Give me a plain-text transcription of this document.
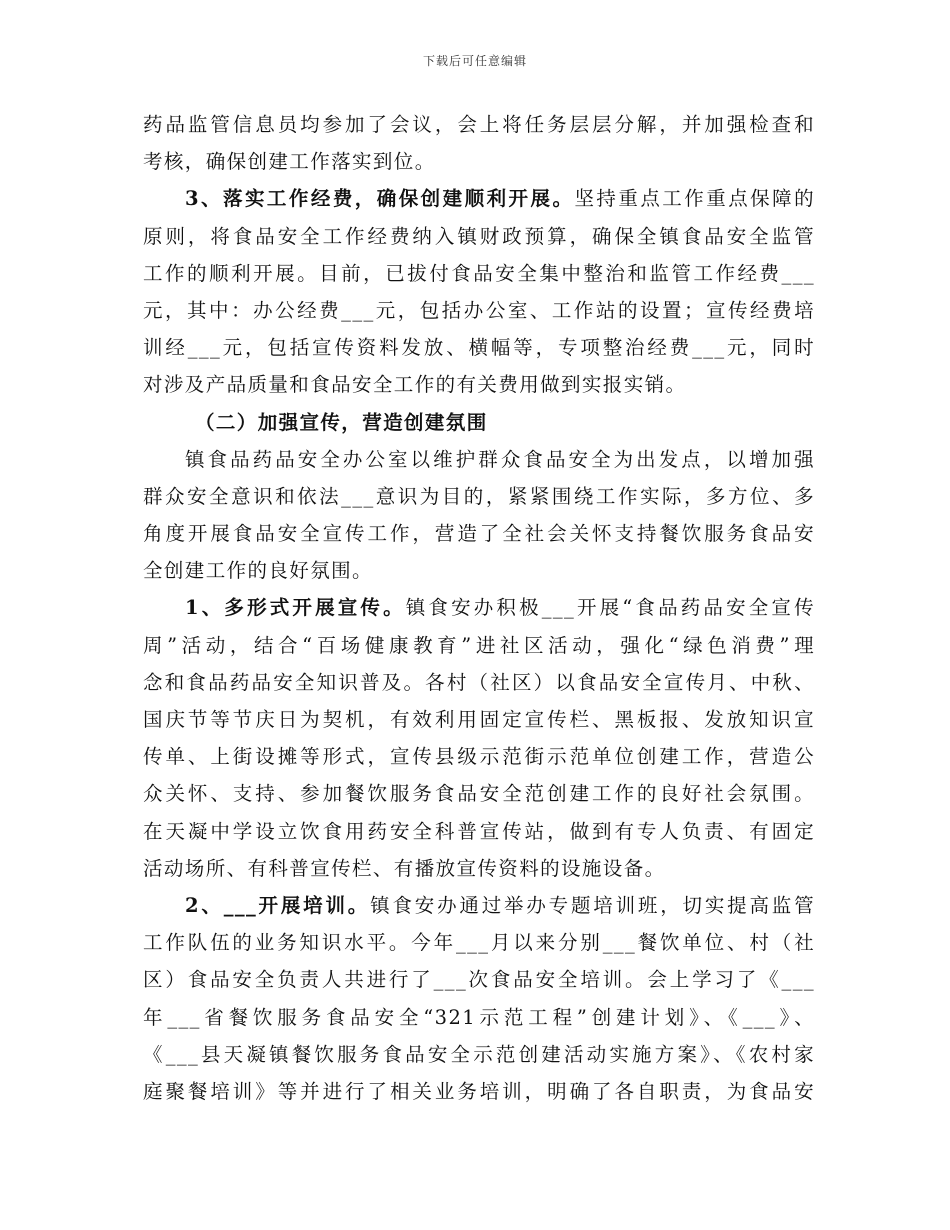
下载后可任意编辑
药品监管信息员均参加了会议，会上将任务层层分解，并加强检查和
考核，确保创建工作落实到位。
3、落实工作经费，确保创建顺利开展。坚持重点工作重点保障的
原则，将食品安全工作经费纳入镇财政预算，确保全镇食品安全监管
工作的顺利开展。目前，已拔付食品安全集中整治和监管工作经费___
元，其中：办公经费___元，包括办公室、工作站的设置；宣传经费培
训经___元，包括宣传资料发放、横幅等，专项整治经费___元，同时
对涉及产品质量和食品安全工作的有关费用做到实报实销。
（二）加强宣传，营造创建氛围
镇食品药品安全办公室以维护群众食品安全为出发点，以增加强
群众安全意识和依法___意识为目的，紧紧围绕工作实际，多方位、多
角度开展食品安全宣传工作，营造了全社会关怀支持餐饮服务食品安
全创建工作的良好氛围。
1、多形式开展宣传。镇食安办积极___开展“食品药品安全宣传
周”活动，结合“百场健康教育”进社区活动，强化“绿色消费”理
念和食品药品安全知识普及。各村（社区）以食品安全宣传月、中秋、
国庆节等节庆日为契机，有效利用固定宣传栏、黑板报、发放知识宣
传单、上街设摊等形式，宣传县级示范街示范单位创建工作，营造公
众关怀、支持、参加餐饮服务食品安全范创建工作的良好社会氛围。
在天凝中学设立饮食用药安全科普宣传站，做到有专人负责、有固定
活动场所、有科普宣传栏、有播放宣传资料的设施设备。
2、___开展培训。镇食安办通过举办专题培训班，切实提高监管
工作队伍的业务知识水平。今年___月以来分别___餐饮单位、村（社
区）食品安全负责人共进行了___次食品安全培训。会上学习了《___
年___省餐饮服务食品安全“321示范工程”创建计划》、《___》、
《___县天凝镇餐饮服务食品安全示范创建活动实施方案》、《农村家
庭聚餐培训》等并进行了相关业务培训，明确了各自职责，为食品安
